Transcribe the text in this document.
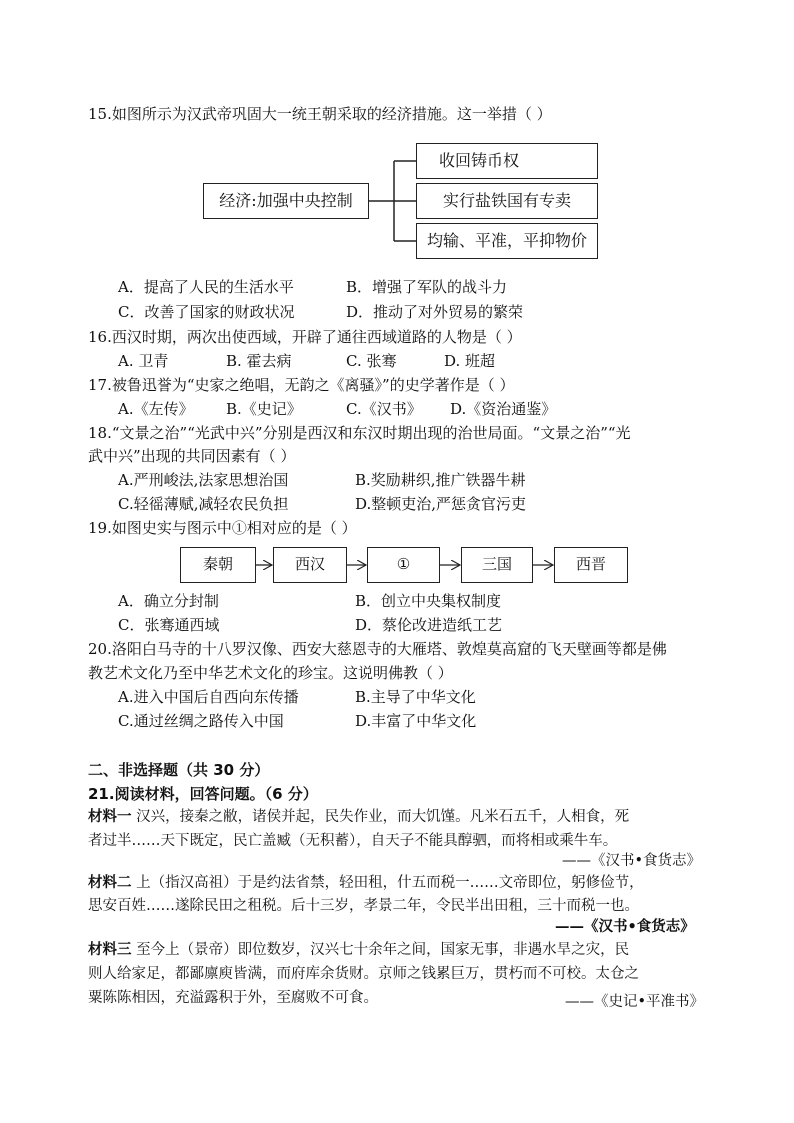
15.如图所示为汉武帝巩固大一统王朝采取的经济措施。这一举措（ ）
经济:加强中央控制
收回铸币权
实行盐铁国有专卖
均输、平准，平抑物价
A．提高了人民的生活水平	B．增强了军队的战斗力
C．改善了国家的财政状况	D．推动了对外贸易的繁荣
16.西汉时期，两次出使西域，开辟了通往西域道路的人物是（ ）
A. 卫青	B. 霍去病	C. 张骞	D. 班超
17.被鲁迅誉为“史家之绝唱，无韵之《离骚》”的史学著作是（ ）
A.《左传》 B.《史记》	C.《汉书》 D.《资治通鉴》
18.“文景之治”“光武中兴”分别是西汉和东汉时期出现的治世局面。“文景之治”“光
武中兴”出现的共同因素有（ ）
A.严刑峻法,法家思想治国	B.奖励耕织,推广铁器牛耕
C.轻徭薄赋,减轻农民负担	D.整顿吏治,严惩贪官污吏
19.如图史实与图示中①相对应的是（ ）
秦朝	西汉	①	三国	西晋
A．确立分封制	B．创立中央集权制度
C．张骞通西域	D．蔡伦改进造纸工艺
20.洛阳白马寺的十八罗汉像、西安大慈恩寺的大雁塔、敦煌莫高窟的飞天壁画等都是佛
教艺术文化乃至中华艺术文化的珍宝。这说明佛教（ ）
A.进入中国后自西向东传播	B.主导了中华文化
C.通过丝绸之路传入中国	D.丰富了中华文化
二、非选择题（共 30 分）
21.阅读材料，回答问题。（6 分）
材料一 汉兴，接秦之敝，诸侯并起，民失作业，而大饥馑。凡米石五千，人相食，死
者过半……天下既定，民亡盖臧（无积蓄），自天子不能具醇驷，而将相或乘牛车。
——《汉书•食货志》
材料二 上（指汉高祖）于是约法省禁，轻田租，什五而税一……文帝即位，躬修俭节，
思安百姓……遂除民田之租税。后十三岁，孝景二年，令民半出田租，三十而税一也。
——《汉书•食货志》
材料三 至今上（景帝）即位数岁，汉兴七十余年之间，国家无事，非遇水旱之灾，民
则人给家足，都鄙廪庾皆满，而府库余货财。京师之钱累巨万，贯朽而不可校。太仓之
粟陈陈相因，充溢露积于外，至腐败不可食。	——《史记•平准书》
